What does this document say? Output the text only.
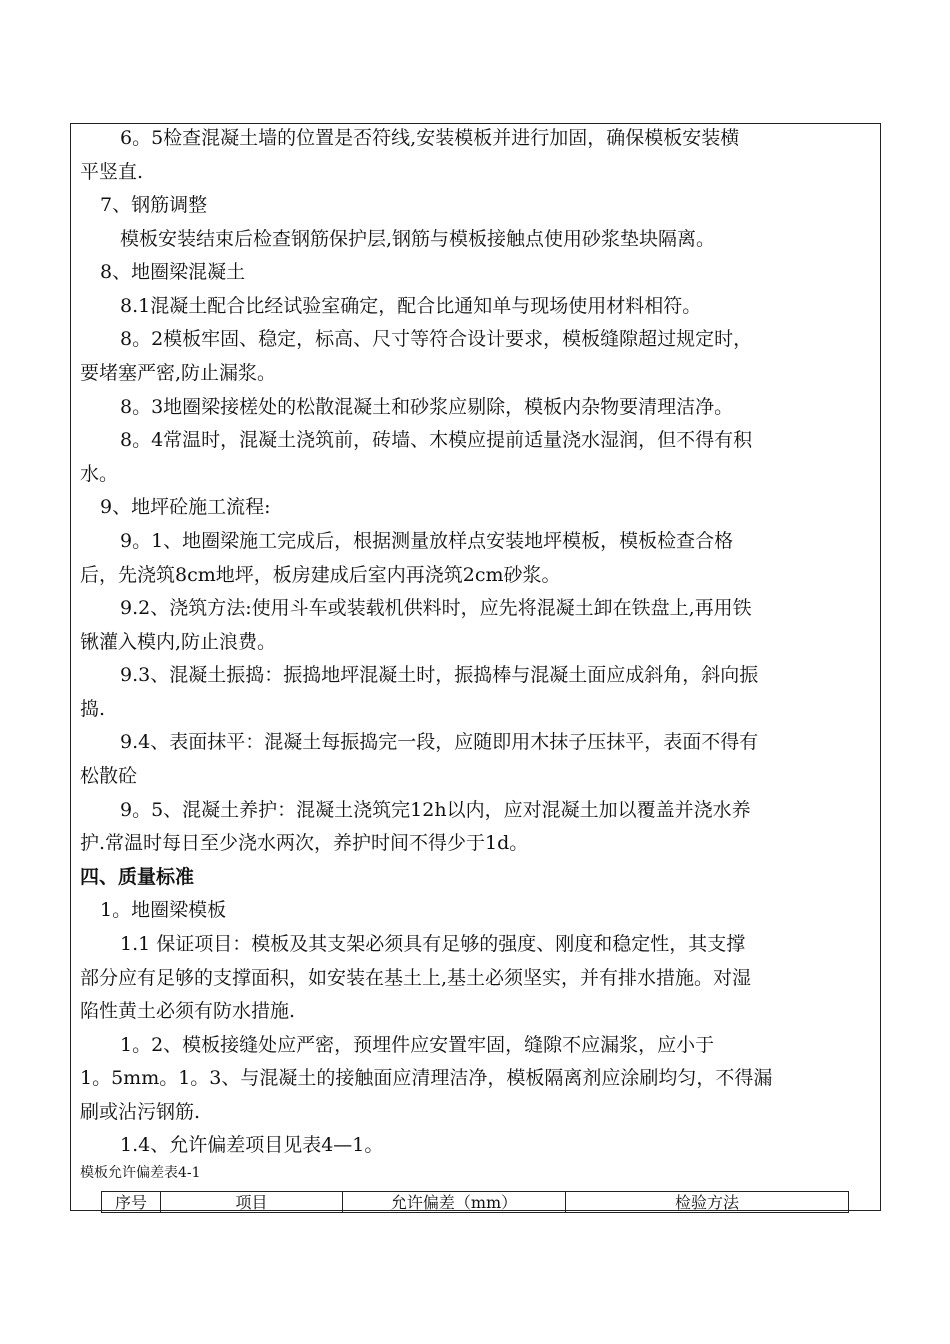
6。5检查混凝土墙的位置是否符线,安装模板并进行加固，确保模板安装横
平竖直.
7、钢筋调整
模板安装结束后检查钢筋保护层,钢筋与模板接触点使用砂浆垫块隔离。
8、地圈梁混凝土
8.1混凝土配合比经试验室确定，配合比通知单与现场使用材料相符。
8。2模板牢固、稳定，标高、尺寸等符合设计要求，模板缝隙超过规定时，
要堵塞严密,防止漏浆。
8。3地圈梁接槎处的松散混凝土和砂浆应剔除，模板内杂物要清理洁净。
8。4常温时，混凝土浇筑前，砖墙、木模应提前适量浇水湿润，但不得有积
水。
9、地坪砼施工流程:
9。1、地圈梁施工完成后，根据测量放样点安装地坪模板，模板检查合格
后，先浇筑8cm地坪，板房建成后室内再浇筑2cm砂浆。
9.2、浇筑方法:使用斗车或装载机供料时，应先将混凝土卸在铁盘上,再用铁
锹灌入模内,防止浪费。
9.3、混凝土振捣：振捣地坪混凝土时，振捣棒与混凝土面应成斜角，斜向振
捣.
9.4、表面抹平：混凝土每振捣完一段，应随即用木抹子压抹平，表面不得有
松散砼
9。5、混凝土养护：混凝土浇筑完12h以内，应对混凝土加以覆盖并浇水养
护.常温时每日至少浇水两次，养护时间不得少于1d。
四、质量标准
1。地圈梁模板
1.1 保证项目：模板及其支架必须具有足够的强度、刚度和稳定性，其支撑
部分应有足够的支撑面积，如安装在基土上,基土必须坚实，并有排水措施。对湿
陷性黄土必须有防水措施.
1。2、模板接缝处应严密，预埋件应安置牢固，缝隙不应漏浆，应小于
1。5mm。1。3、与混凝土的接触面应清理洁净，模板隔离剂应涂刷均匀，不得漏
刷或沾污钢筋.
1.4、允许偏差项目见表4—1。
模板允许偏差表4-1
序号	项目	允许偏差（mm）	检验方法
